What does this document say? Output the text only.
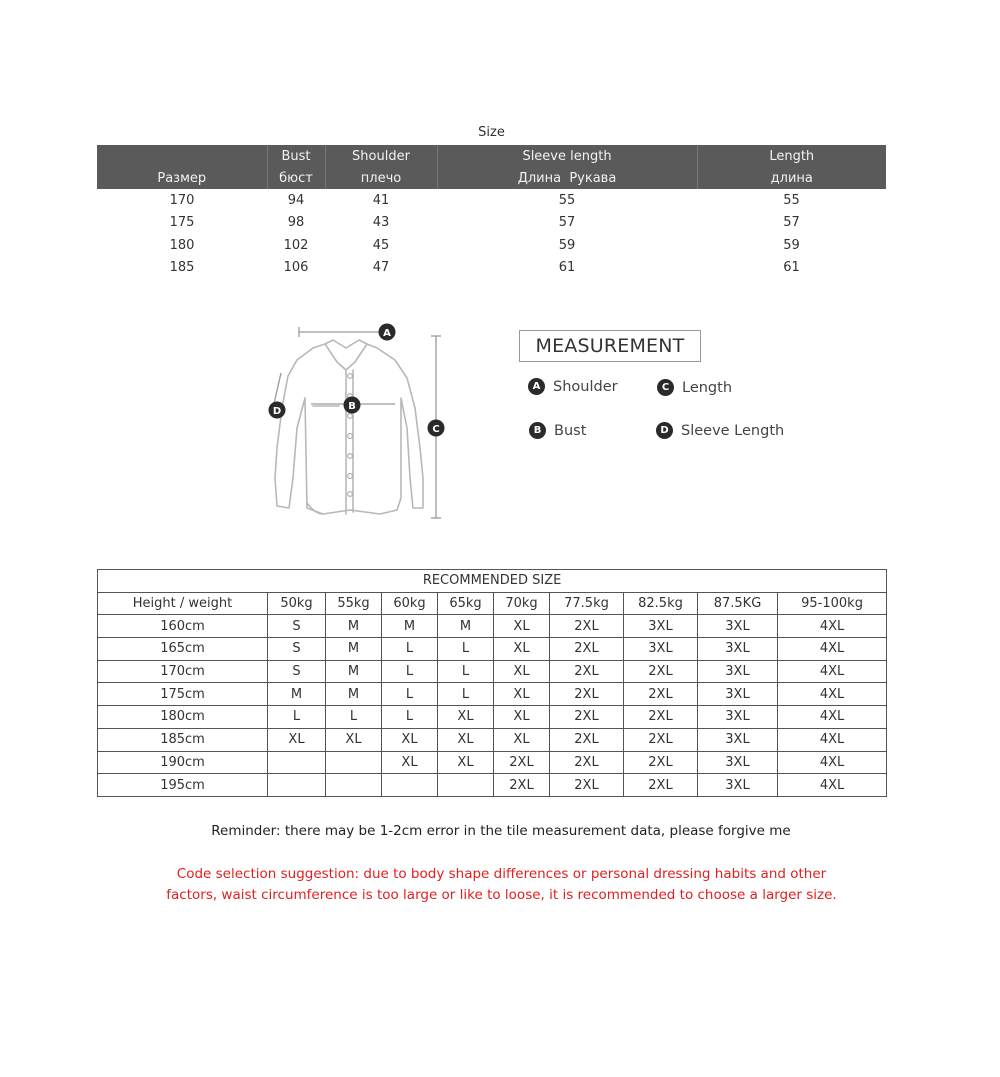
Size
	Bust	Shoulder	Sleeve length	Length
Размер	бюст	плечо	Длина  Рукава	длина
170	94	41	55	55
175	98	43	57	57
180	102	45	59	59
185	106	47	61	61
A
B
C
D
MEASUREMENT
A Shoulder	C Length
B Bust	D Sleeve Length
RECOMMENDED SIZE									
Height / weight	50kg	55kg	60kg	65kg	70kg	77.5kg	82.5kg	87.5KG	95-100kg
160cm	S	M	M	M	XL	2XL	3XL	3XL	4XL
165cm	S	M	L	L	XL	2XL	3XL	3XL	4XL
170cm	S	M	L	L	XL	2XL	2XL	3XL	4XL
175cm	M	M	L	L	XL	2XL	2XL	3XL	4XL
180cm	L	L	L	XL	XL	2XL	2XL	3XL	4XL
185cm	XL	XL	XL	XL	XL	2XL	2XL	3XL	4XL
190cm			XL	XL	2XL	2XL	2XL	3XL	4XL
195cm					2XL	2XL	2XL	3XL	4XL
Reminder: there may be 1-2cm error in the tile measurement data, please forgive me
Code selection suggestion: due to body shape differences or personal dressing habits and other factors, waist circumference is too large or like to loose, it is recommended to choose a larger size.
